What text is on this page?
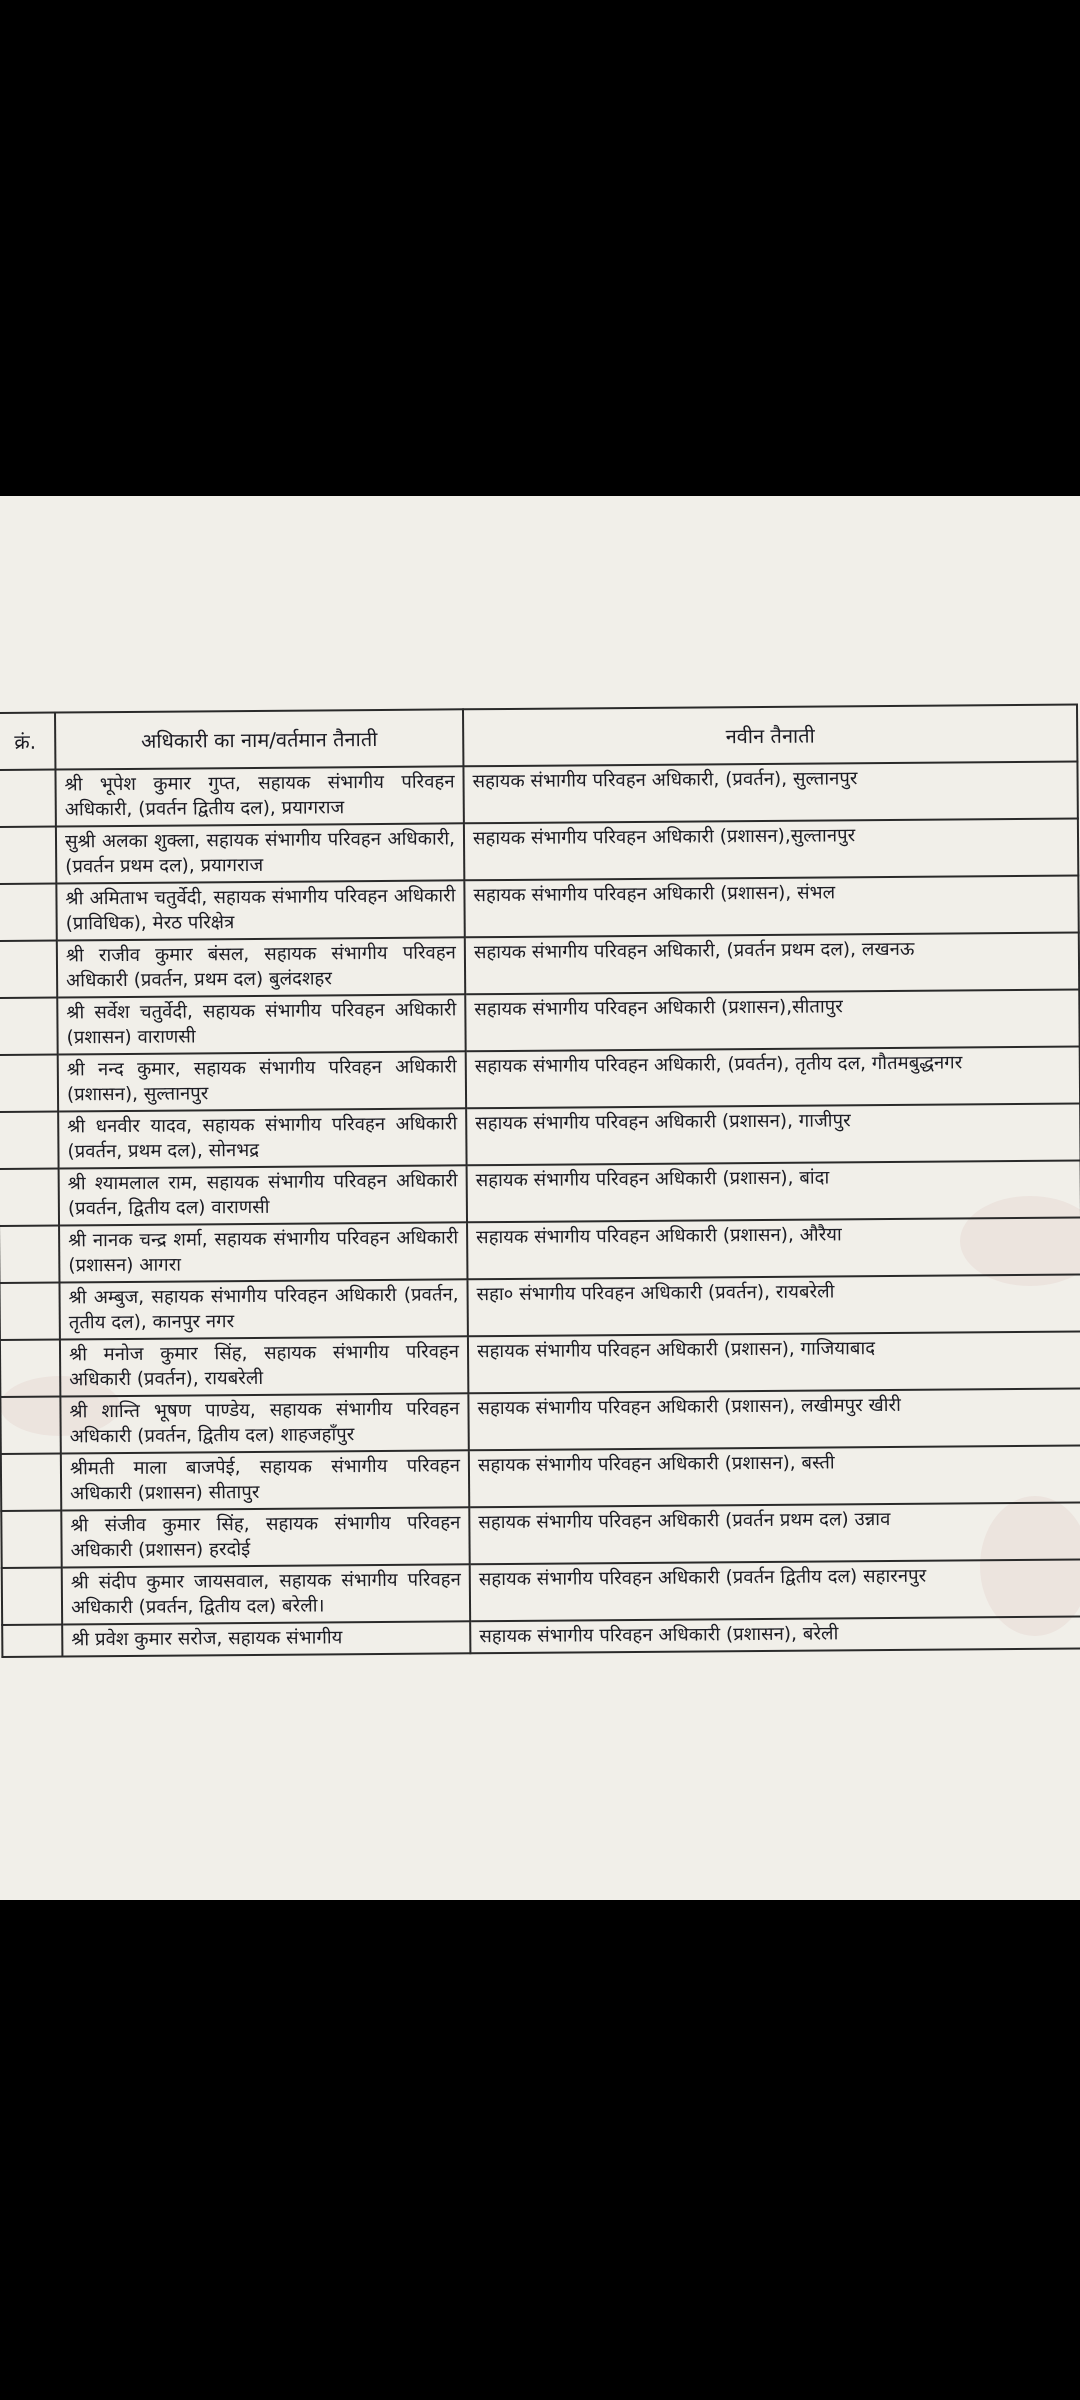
क्रं.	अधिकारी का नाम/वर्तमान तैनाती	नवीन तैनाती
	श्री भूपेश कुमार गुप्त, सहायक संभागीय परिवहन अधिकारी, (प्रवर्तन द्वितीय दल), प्रयागराज	सहायक संभागीय परिवहन अधिकारी, (प्रवर्तन), सुल्तानपुर
	सुश्री अलका शुक्ला, सहायक संभागीय परिवहन अधिकारी, (प्रवर्तन प्रथम दल), प्रयागराज	सहायक संभागीय परिवहन अधिकारी (प्रशासन),सुल्तानपुर
	श्री अमिताभ चतुर्वेदी, सहायक संभागीय परिवहन अधिकारी (प्राविधिक), मेरठ परिक्षेत्र	सहायक संभागीय परिवहन अधिकारी (प्रशासन), संभल
	श्री राजीव कुमार बंसल, सहायक संभागीय परिवहन अधिकारी (प्रवर्तन, प्रथम दल) बुलंदशहर	सहायक संभागीय परिवहन अधिकारी, (प्रवर्तन प्रथम दल), लखनऊ
	श्री सर्वेश चतुर्वेदी, सहायक संभागीय परिवहन अधिकारी (प्रशासन) वाराणसी	सहायक संभागीय परिवहन अधिकारी (प्रशासन),सीतापुर
	श्री नन्द कुमार, सहायक संभागीय परिवहन अधिकारी (प्रशासन), सुल्तानपुर	सहायक संभागीय परिवहन अधिकारी, (प्रवर्तन), तृतीय दल, गौतमबुद्धनगर
	श्री धनवीर यादव, सहायक संभागीय परिवहन अधिकारी (प्रवर्तन, प्रथम दल), सोनभद्र	सहायक संभागीय परिवहन अधिकारी (प्रशासन), गाजीपुर
	श्री श्यामलाल राम, सहायक संभागीय परिवहन अधिकारी (प्रवर्तन, द्वितीय दल) वाराणसी	सहायक संभागीय परिवहन अधिकारी (प्रशासन), बांदा
	श्री नानक चन्द्र शर्मा, सहायक संभागीय परिवहन अधिकारी (प्रशासन) आगरा	सहायक संभागीय परिवहन अधिकारी (प्रशासन), औरैया
	श्री अम्बुज, सहायक संभागीय परिवहन अधिकारी (प्रवर्तन, तृतीय दल), कानपुर नगर	सहा० संभागीय परिवहन अधिकारी (प्रवर्तन), रायबरेली
	श्री मनोज कुमार सिंह, सहायक संभागीय परिवहन अधिकारी (प्रवर्तन), रायबरेली	सहायक संभागीय परिवहन अधिकारी (प्रशासन), गाजियाबाद
	श्री शान्ति भूषण पाण्डेय, सहायक संभागीय परिवहन अधिकारी (प्रवर्तन, द्वितीय दल) शाहजहाँपुर	सहायक संभागीय परिवहन अधिकारी (प्रशासन), लखीमपुर खीरी
	श्रीमती माला बाजपेई, सहायक संभागीय परिवहन अधिकारी (प्रशासन) सीतापुर	सहायक संभागीय परिवहन अधिकारी (प्रशासन), बस्ती
	श्री संजीव कुमार सिंह, सहायक संभागीय परिवहन अधिकारी (प्रशासन) हरदोई	सहायक संभागीय परिवहन अधिकारी (प्रवर्तन प्रथम दल) उन्नाव
	श्री संदीप कुमार जायसवाल, सहायक संभागीय परिवहन अधिकारी (प्रवर्तन, द्वितीय दल) बरेली।	सहायक संभागीय परिवहन अधिकारी (प्रवर्तन द्वितीय दल) सहारनपुर
	श्री प्रवेश कुमार सरोज, सहायक संभागीय	सहायक संभागीय परिवहन अधिकारी (प्रशासन), बरेली
